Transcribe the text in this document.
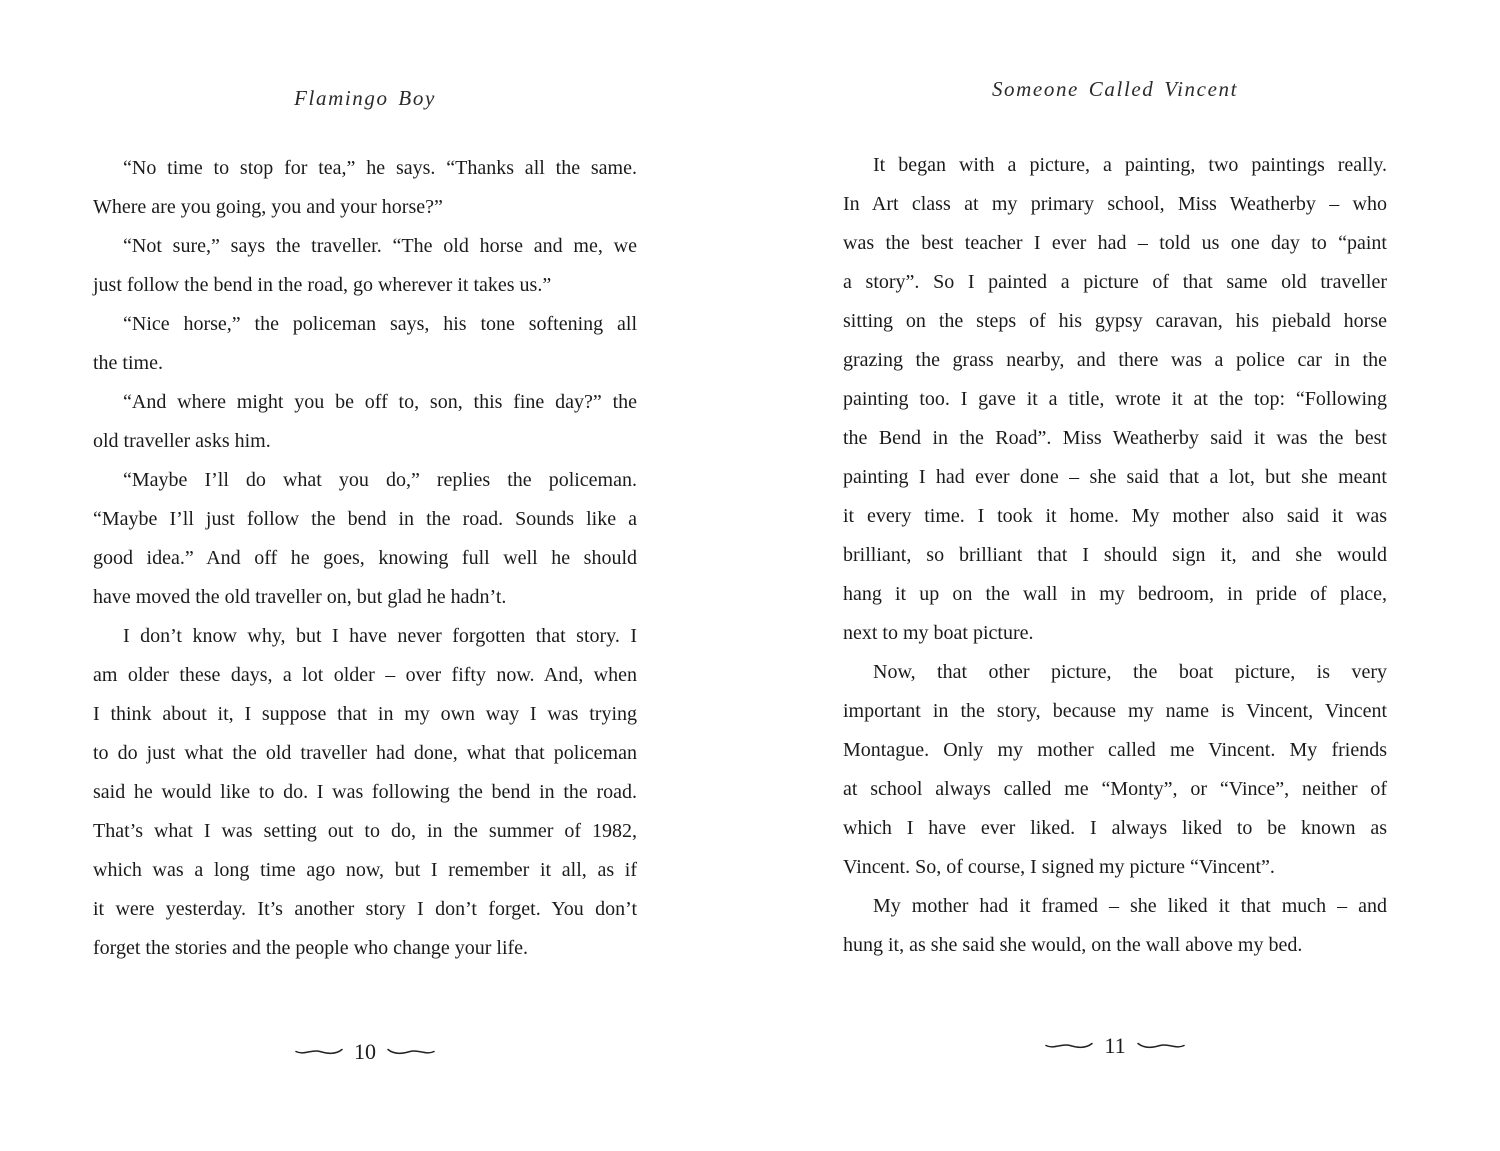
Flamingo Boy
“No time to stop for tea,” he says. “Thanks all the same.
Where are you going, you and your horse?”
“Not sure,” says the traveller. “The old horse and me, we
just follow the bend in the road, go wherever it takes us.”
“Nice horse,” the policeman says, his tone softening all
the time.
“And where might you be off to, son, this fine day?” the
old traveller asks him.
“Maybe I’ll do what you do,” replies the policeman.
“Maybe I’ll just follow the bend in the road. Sounds like a
good idea.” And off he goes, knowing full well he should
have moved the old traveller on, but glad he hadn’t.
I don’t know why, but I have never forgotten that story. I
am older these days, a lot older – over fifty now. And, when
I think about it, I suppose that in my own way I was trying
to do just what the old traveller had done, what that policeman
said he would like to do. I was following the bend in the road.
That’s what I was setting out to do, in the summer of 1982,
which was a long time ago now, but I remember it all, as if
it were yesterday. It’s another story I don’t forget. You don’t
forget the stories and the people who change your life.
10
Someone Called Vincent
It began with a picture, a painting, two paintings really.
In Art class at my primary school, Miss Weatherby – who
was the best teacher I ever had – told us one day to “paint
a story”. So I painted a picture of that same old traveller
sitting on the steps of his gypsy caravan, his piebald horse
grazing the grass nearby, and there was a police car in the
painting too. I gave it a title, wrote it at the top: “Following
the Bend in the Road”. Miss Weatherby said it was the best
painting I had ever done – she said that a lot, but she meant
it every time. I took it home. My mother also said it was
brilliant, so brilliant that I should sign it, and she would
hang it up on the wall in my bedroom, in pride of place,
next to my boat picture.
Now, that other picture, the boat picture, is very
important in the story, because my name is Vincent, Vincent
Montague. Only my mother called me Vincent. My friends
at school always called me “Monty”, or “Vince”, neither of
which I have ever liked. I always liked to be known as
Vincent. So, of course, I signed my picture “Vincent”.
My mother had it framed – she liked it that much – and
hung it, as she said she would, on the wall above my bed.
11
